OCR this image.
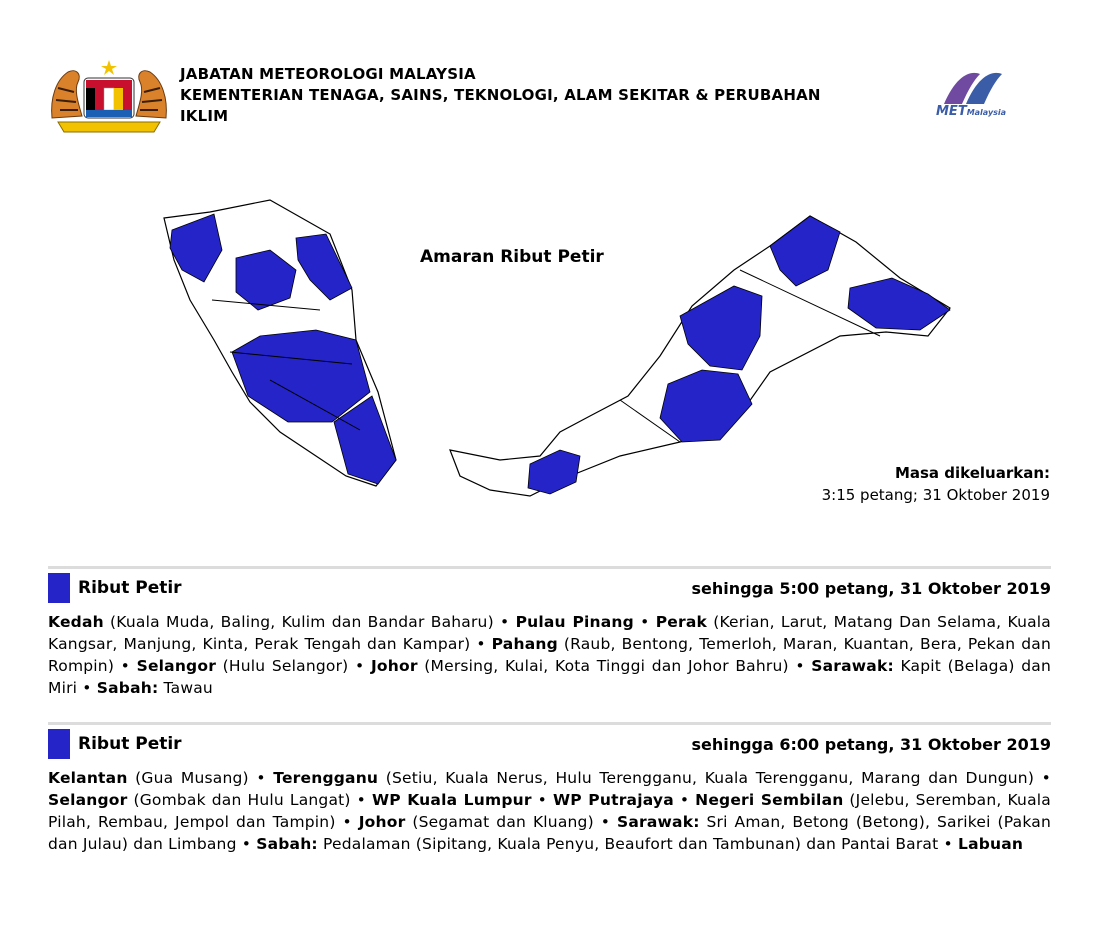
JABATAN METEOROLOGI MALAYSIA
KEMENTERIAN TENAGA, SAINS, TEKNOLOGI, ALAM SEKITAR & PERUBAHAN
IKLIM	METMalaysia
Amaran Ribut Petir
Masa dikeluarkan:
3:15 petang; 31 Oktober 2019
Ribut Petir	sehingga 5:00 petang, 31 Oktober 2019
Kedah (Kuala Muda, Baling, Kulim dan Bandar Baharu) • Pulau Pinang • Perak (Kerian, Larut, Matang Dan Selama, Kuala Kangsar, Manjung, Kinta, Perak Tengah dan Kampar) • Pahang (Raub, Bentong, Temerloh, Maran, Kuantan, Bera, Pekan dan Rompin) • Selangor (Hulu Selangor) • Johor (Mersing, Kulai, Kota Tinggi dan Johor Bahru) • Sarawak: Kapit (Belaga) dan Miri • Sabah: Tawau
Ribut Petir	sehingga 6:00 petang, 31 Oktober 2019
Kelantan (Gua Musang) • Terengganu (Setiu, Kuala Nerus, Hulu Terengganu, Kuala Terengganu, Marang dan Dungun) • Selangor (Gombak dan Hulu Langat) • WP Kuala Lumpur • WP Putrajaya • Negeri Sembilan (Jelebu, Seremban, Kuala Pilah, Rembau, Jempol dan Tampin) • Johor (Segamat dan Kluang) • Sarawak: Sri Aman, Betong (Betong), Sarikei (Pakan dan Julau) dan Limbang • Sabah: Pedalaman (Sipitang, Kuala Penyu, Beaufort dan Tambunan) dan Pantai Barat • Labuan
